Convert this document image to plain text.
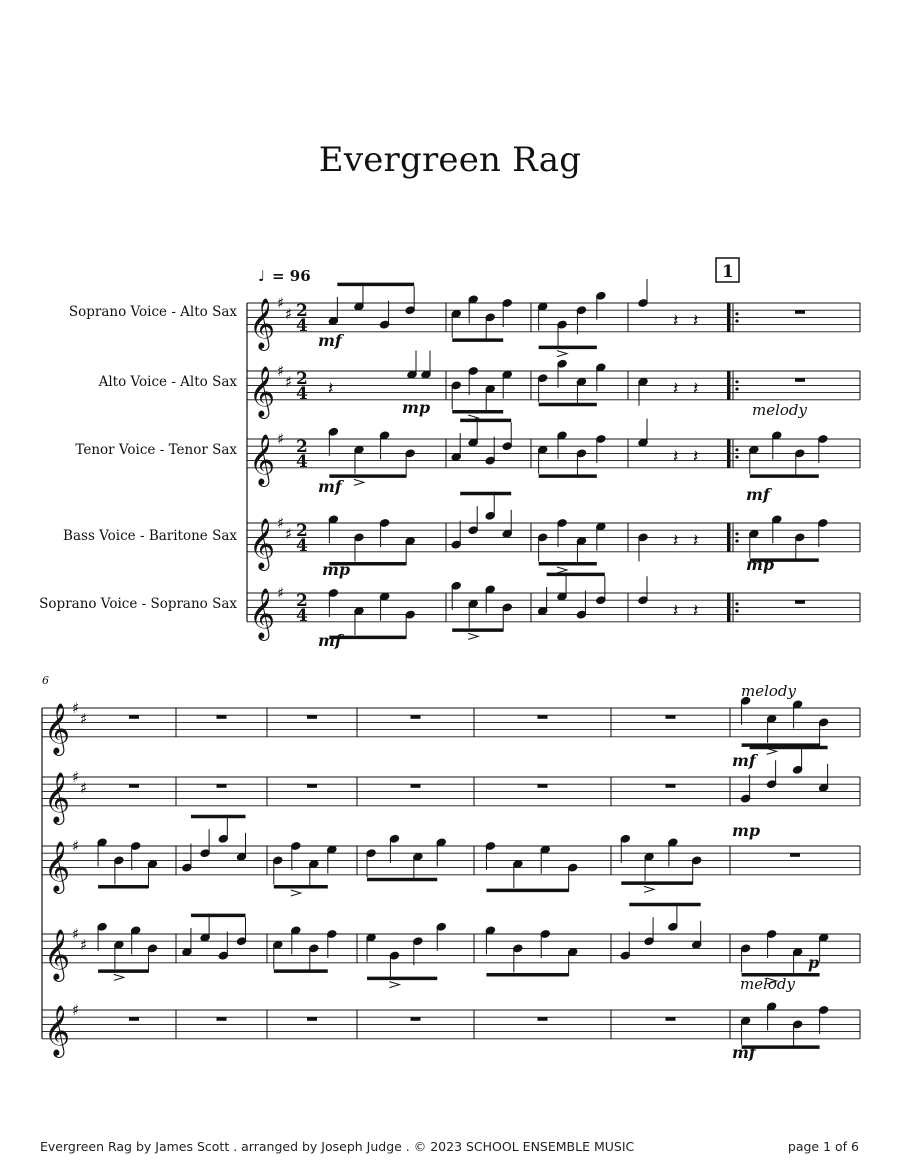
Evergreen Rag
♩ = 96	1
Soprano Voice - Alto Sax
Alto Voice - Alto Sax
Tenor Voice - Tenor Sax
Bass Voice - Baritone Sax
Soprano Voice - Soprano Sax
𝄞 ♯
♯	𝄽 𝄽
𝄞 ♯
♯ 𝄽	𝄽 𝄽
𝄞 ♯
𝄽 𝄽
𝄞 ♯
♯	𝄽 𝄽
𝄞 ♯
𝄽 𝄽
𝄞 ♯
♯
𝄞 ♯
♯
𝄞 ♯
𝄞 ♯
♯
𝄞 ♯
mf
mp	melody
mf	mf
mp	mp
mf
6
melody
mf
mp
p
melody
mf
2
4
2
4
2
4
2
4
2
4
Evergreen Rag by James Scott . arranged by Joseph Judge . © 2023 SCHOOL ENSEMBLE MUSIC	page 1 of 6
